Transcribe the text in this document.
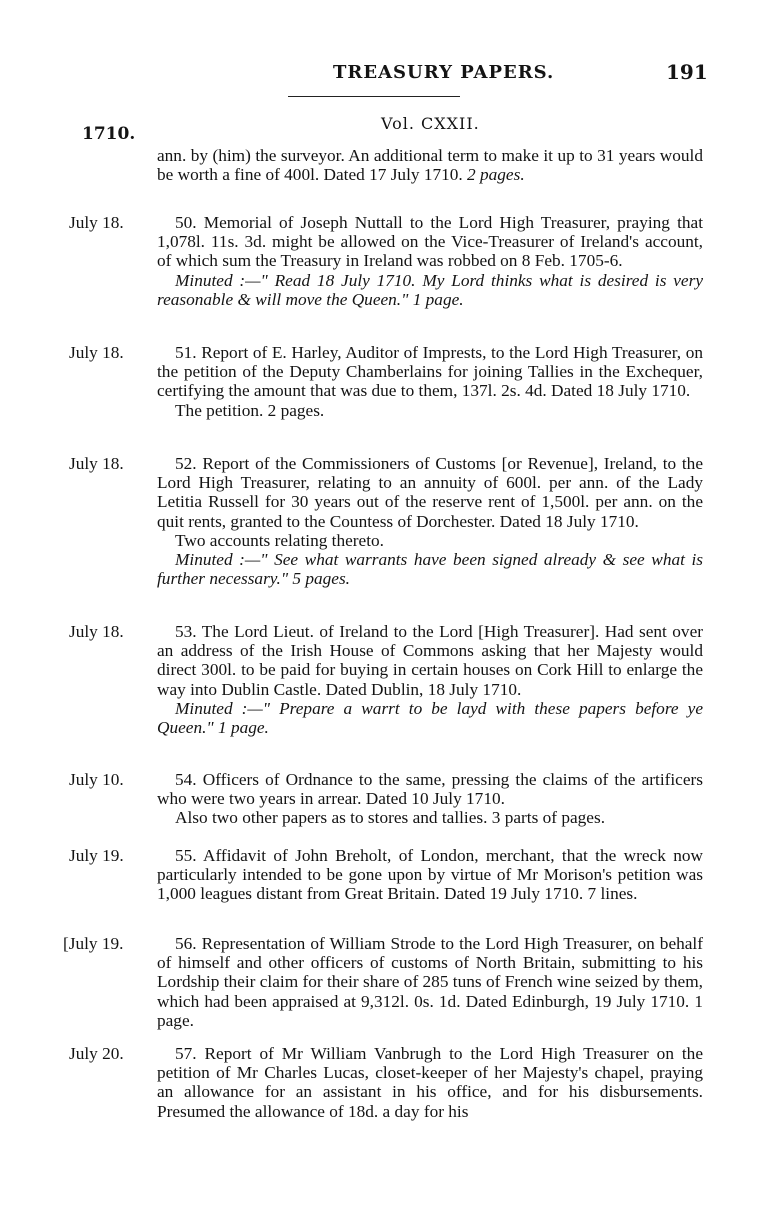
TREASURY PAPERS.	191
Vol. CXXII.
1710.

ann. by (him) the surveyor. An additional term to make it up to 31 years would be worth a fine of 400l. Dated 17 July 1710. 2 pages.

July 18.	50. Memorial of Joseph Nuttall to the Lord High Treasurer, praying that 1,078l. 11s. 3d. might be allowed on the Vice-Treasurer of Ireland's account, of which sum the Treasury in Ireland was robbed on 8 Feb. 1705-6.

Minuted :—" Read 18 July 1710. My Lord thinks what is desired is very reasonable & will move the Queen." 1 page.

July 18.	51. Report of E. Harley, Auditor of Imprests, to the Lord High Treasurer, on the petition of the Deputy Chamberlains for joining Tallies in the Exchequer, certifying the amount that was due to them, 137l. 2s. 4d. Dated 18 July 1710.

The petition. 2 pages.

July 18.	52. Report of the Commissioners of Customs [or Revenue], Ireland, to the Lord High Treasurer, relating to an annuity of 600l. per ann. of the Lady Letitia Russell for 30 years out of the reserve rent of 1,500l. per ann. on the quit rents, granted to the Countess of Dorchester. Dated 18 July 1710.

Two accounts relating thereto.

Minuted :—" See what warrants have been signed already & see what is further necessary." 5 pages.

July 18.	53. The Lord Lieut. of Ireland to the Lord [High Treasurer]. Had sent over an address of the Irish House of Commons asking that her Majesty would direct 300l. to be paid for buying in certain houses on Cork Hill to enlarge the way into Dublin Castle. Dated Dublin, 18 July 1710.

Minuted :—" Prepare a warrt to be layd with these papers before ye Queen." 1 page.

July 10.	54. Officers of Ordnance to the same, pressing the claims of the artificers who were two years in arrear. Dated 10 July 1710.

Also two other papers as to stores and tallies. 3 parts of pages.

July 19.	55. Affidavit of John Breholt, of London, merchant, that the wreck now particularly intended to be gone upon by virtue of Mr Morison's petition was 1,000 leagues distant from Great Britain. Dated 19 July 1710. 7 lines.

[July 19.	56. Representation of William Strode to the Lord High Treasurer, on behalf of himself and other officers of customs of North Britain, submitting to his Lordship their claim for their share of 285 tuns of French wine seized by them, which had been appraised at 9,312l. 0s. 1d. Dated Edinburgh, 19 July 1710. 1 page.

July 20.	57. Report of Mr William Vanbrugh to the Lord High Treasurer on the petition of Mr Charles Lucas, closet-keeper of her Majesty's chapel, praying an allowance for an assistant in his office, and for his disbursements. Presumed the allowance of 18d. a day for his
